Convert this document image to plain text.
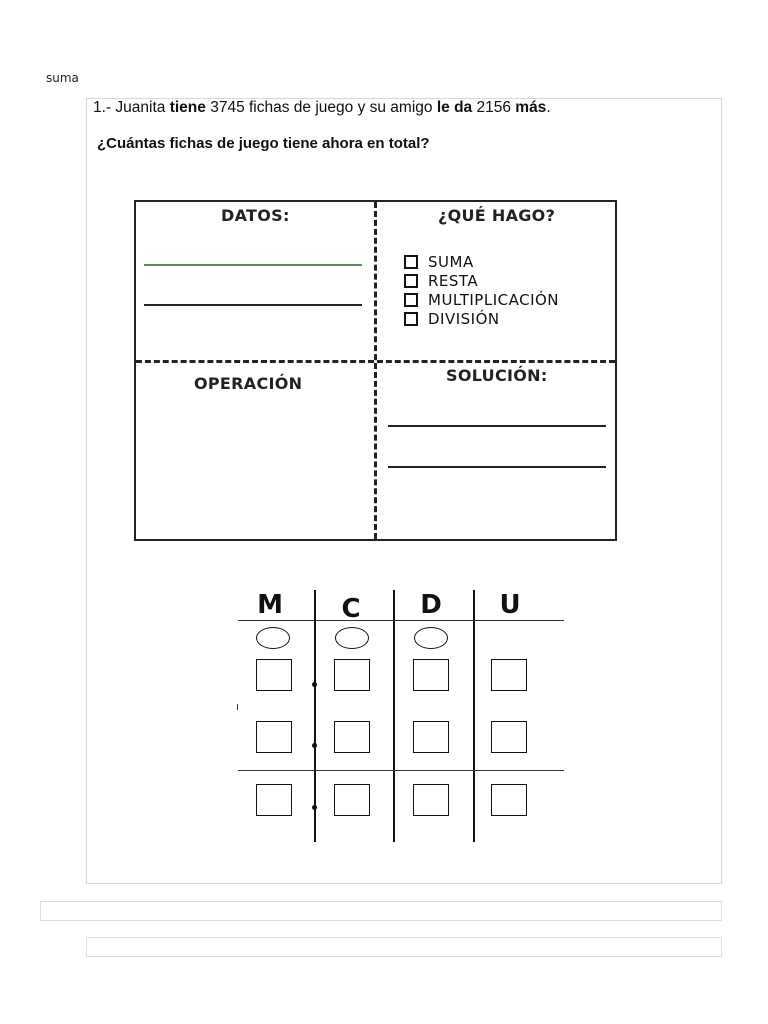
suma
1.- Juanita tiene 3745 fichas de juego y su amigo le da 2156 más.
¿Cuántas fichas de juego tiene ahora en total?
DATOS:	¿QUÉ HAGO?
SUMA
RESTA
MULTIPLICACIÓN
DIVISIÓN
OPERACIÓN	SOLUCIÓN:
M	C	D	U
